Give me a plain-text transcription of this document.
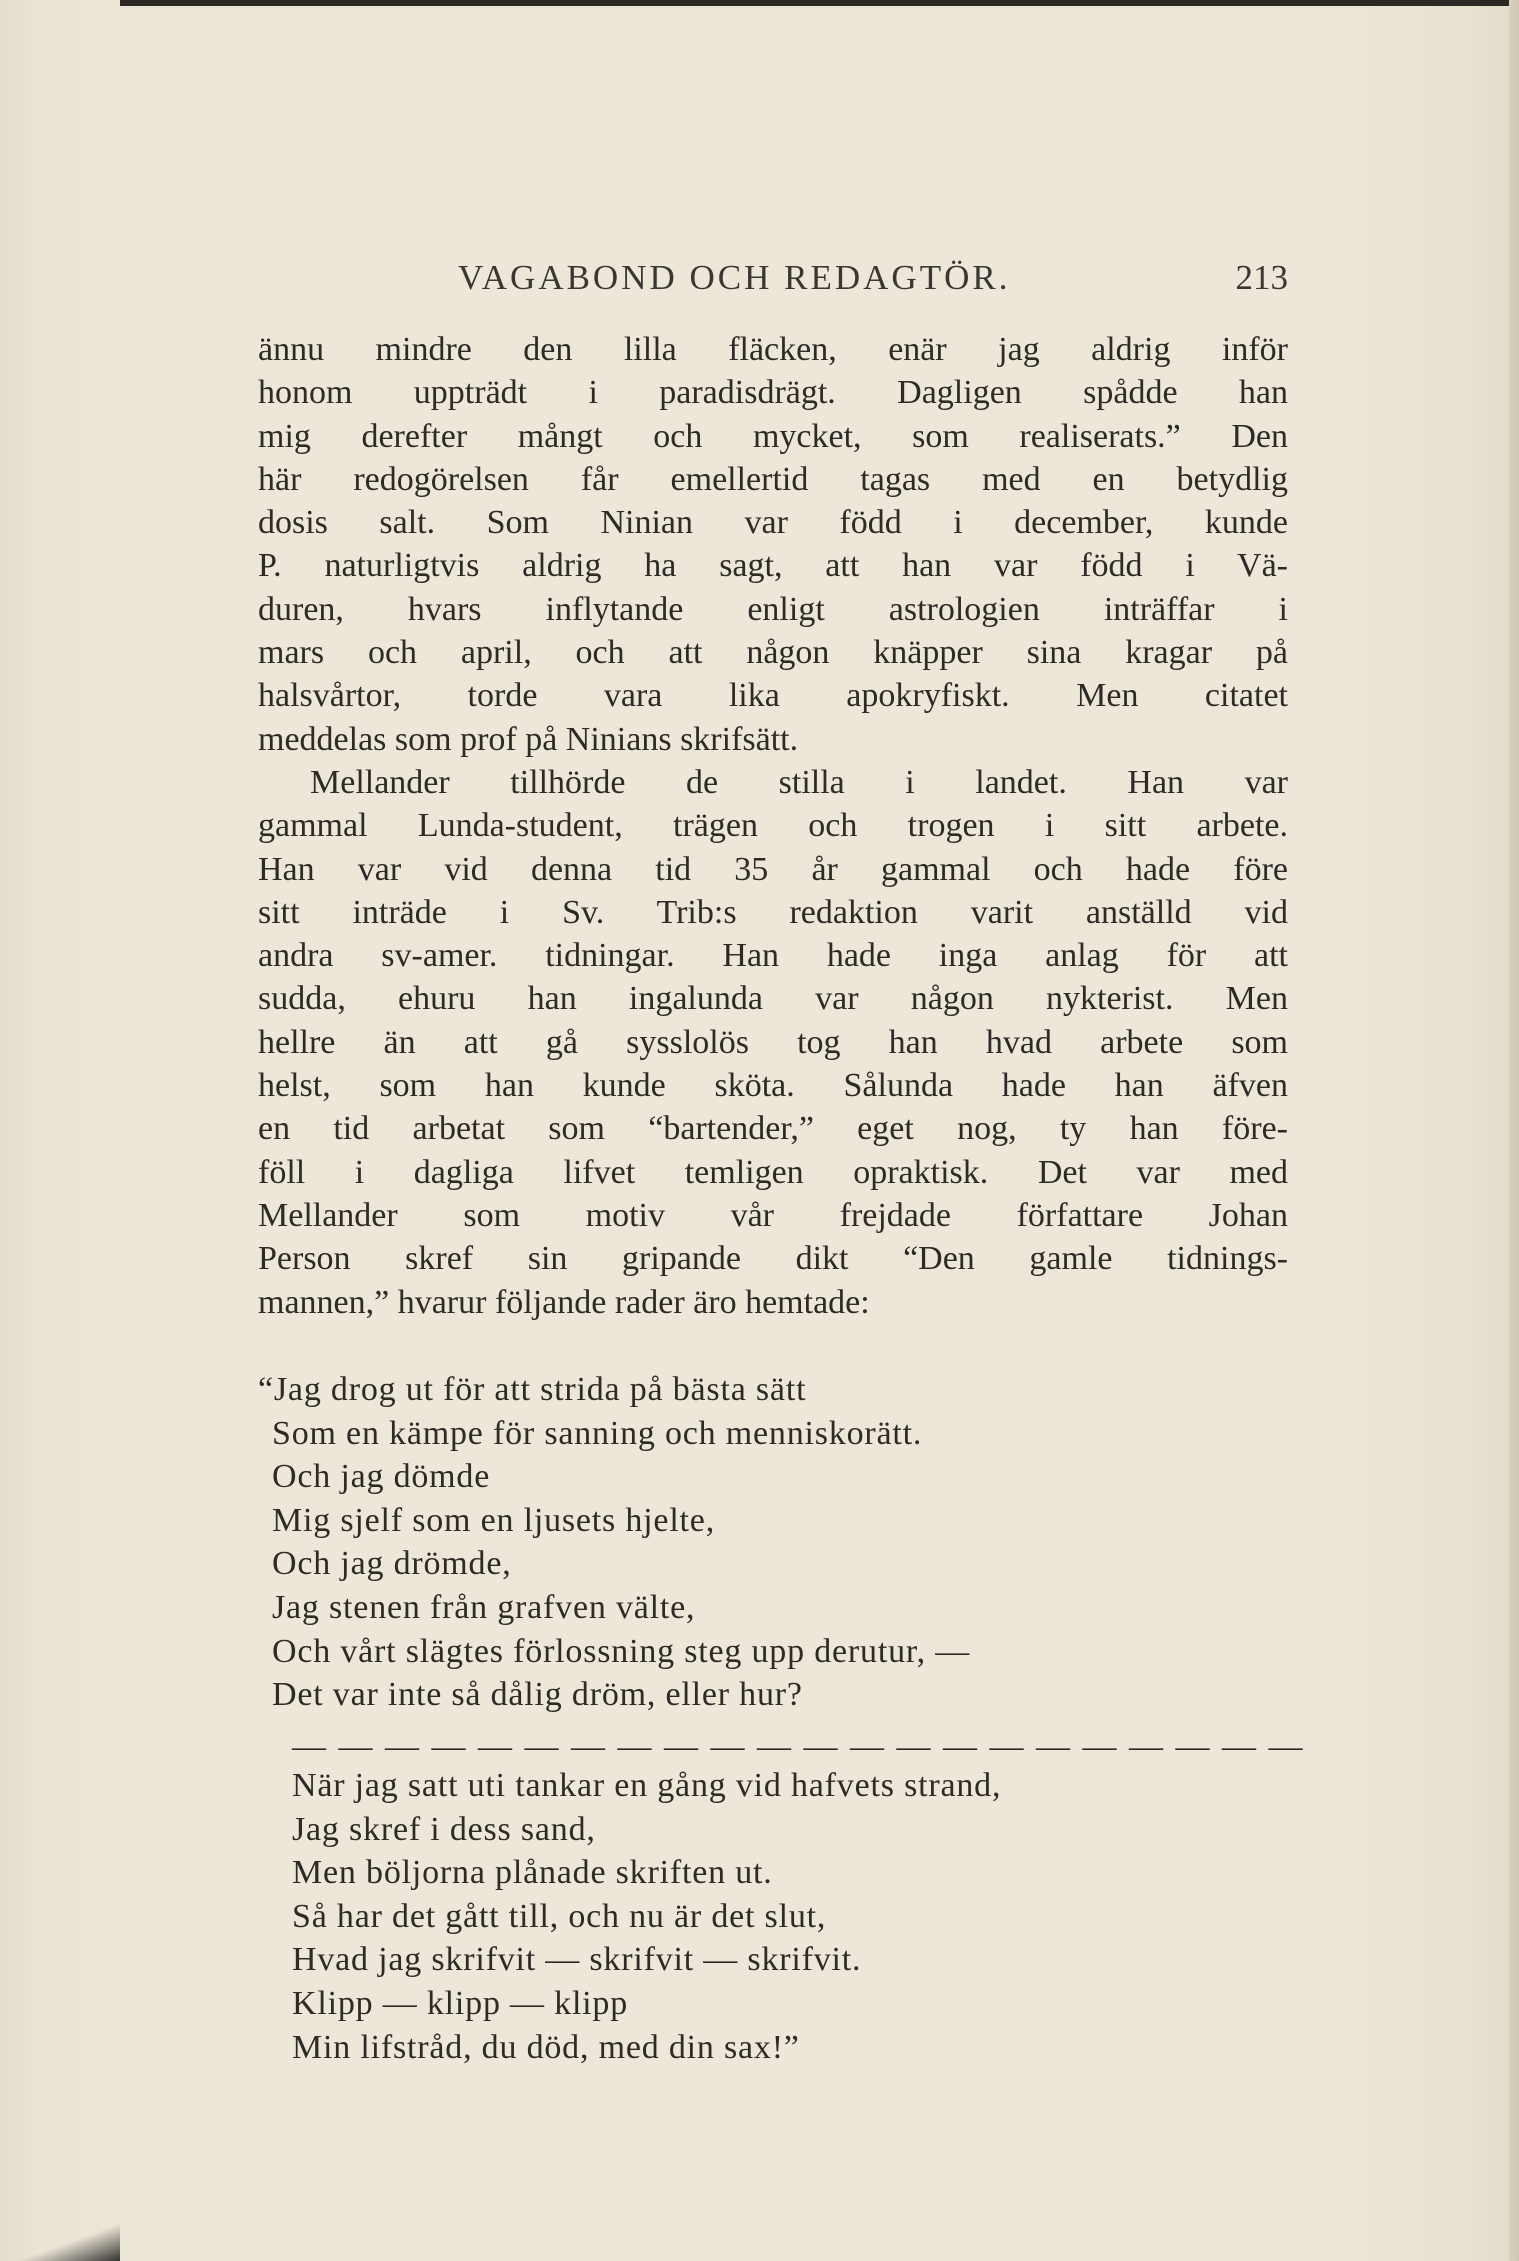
VAGABOND OCH REDAGTÖR.	213
ännu mindre den lilla fläcken, enär jag aldrig inför
honom uppträdt i paradisdrägt. Dagligen spådde han
mig derefter mångt och mycket, som realiserats.” Den
här redogörelsen får emellertid tagas med en betydlig
dosis salt. Som Ninian var född i december, kunde
P. naturligtvis aldrig ha sagt, att han var född i Vä-
duren, hvars inflytande enligt astrologien inträffar i
mars och april, och att någon knäpper sina kragar på
halsvårtor, torde vara lika apokryfiskt. Men citatet
meddelas som prof på Ninians skrifsätt.
Mellander tillhörde de stilla i landet. Han var
gammal Lunda-student, trägen och trogen i sitt arbete.
Han var vid denna tid 35 år gammal och hade före
sitt inträde i Sv. Trib:s redaktion varit anställd vid
andra sv-amer. tidningar. Han hade inga anlag för att
sudda, ehuru han ingalunda var någon nykterist. Men
hellre än att gå sysslolös tog han hvad arbete som
helst, som han kunde sköta. Sålunda hade han äfven
en tid arbetat som “bartender,” eget nog, ty han före-
föll i dagliga lifvet temligen opraktisk. Det var med
Mellander som motiv vår frejdade författare Johan
Person skref sin gripande dikt “Den gamle tidnings-
mannen,” hvarur följande rader äro hemtade:
“Jag drog ut för att strida på bästa sätt
Som en kämpe för sanning och menniskorätt.
Och jag dömde
Mig sjelf som en ljusets hjelte,
Och jag drömde,
Jag stenen från grafven välte,
Och vårt slägtes förlossning steg upp derutur, —
Det var inte så dålig dröm, eller hur?
— — — — — — — — — — — — — — — — — — — — — —
När jag satt uti tankar en gång vid hafvets strand,
Jag skref i dess sand,
Men böljorna plånade skriften ut.
Så har det gått till, och nu är det slut,
Hvad jag skrifvit — skrifvit — skrifvit.
Klipp — klipp — klipp
Min lifstråd, du död, med din sax!”
